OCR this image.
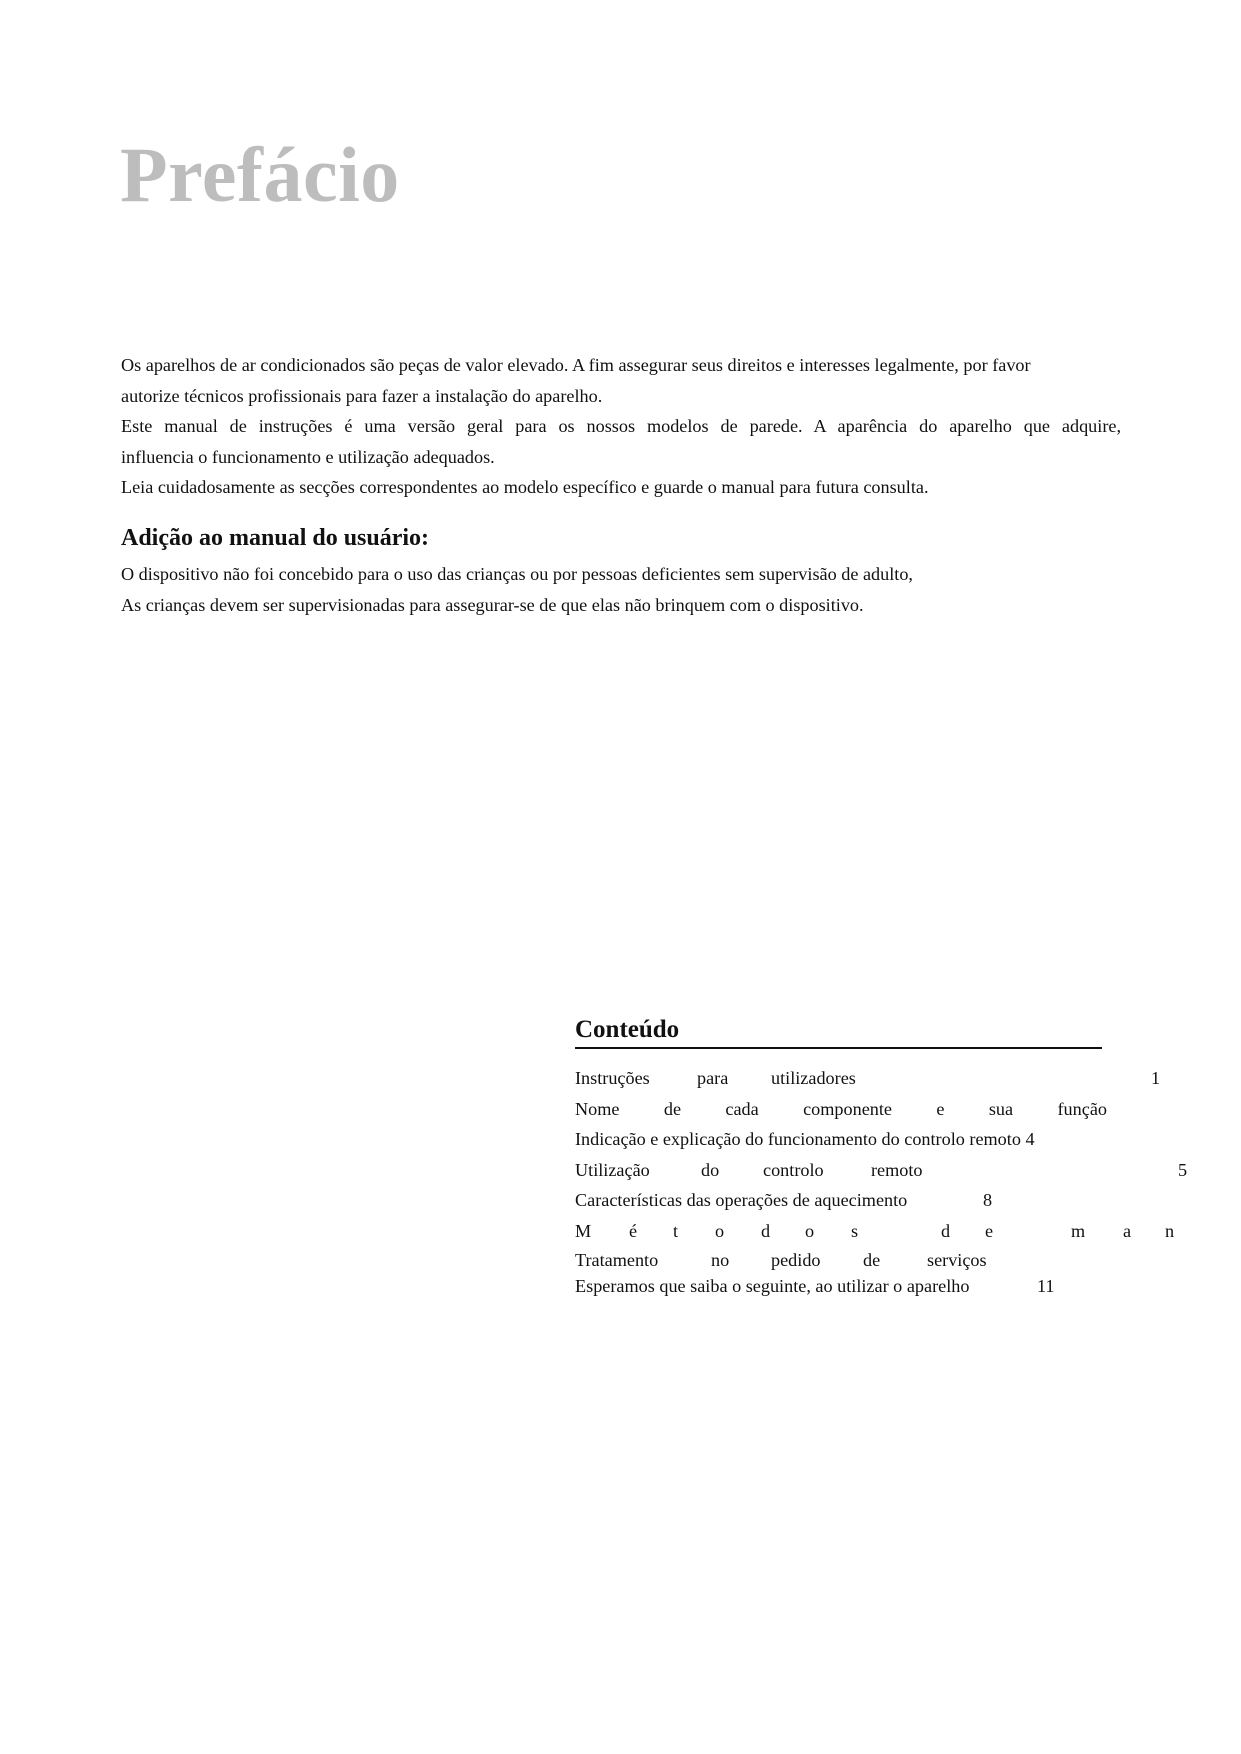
Prefácio

Os aparelhos de ar condicionados são peças de valor elevado. A fim assegurar seus direitos e interesses legalmente, por favor

autorize técnicos profissionais para fazer a instalação do aparelho.

Este manual de instruções é uma versão geral para os nossos modelos de parede. A aparência do aparelho que adquire,

influencia o funcionamento e utilização adequados.

Leia cuidadosamente as secções correspondentes ao modelo específico e guarde o manual para futura consulta.

Adição ao manual do usuário:

O dispositivo não foi concebido para o uso das crianças ou por pessoas deficientes sem supervisão de adulto,

As crianças devem ser supervisionadas para assegurar-se de que elas não brinquem com o dispositivo.

Conteúdo
Instruções	para utilizadores	1
Nome de cada componente e sua função
Indicação e explicação do funcionamento do controlo remoto 4
Utilização	do controlo	remoto	5
Características das operações de aquecimento	8
M é t o d o s	d e	m a n
Tratamento	no pedido de	serviços
Esperamos que saiba o seguinte, ao utilizar o aparelho	11
